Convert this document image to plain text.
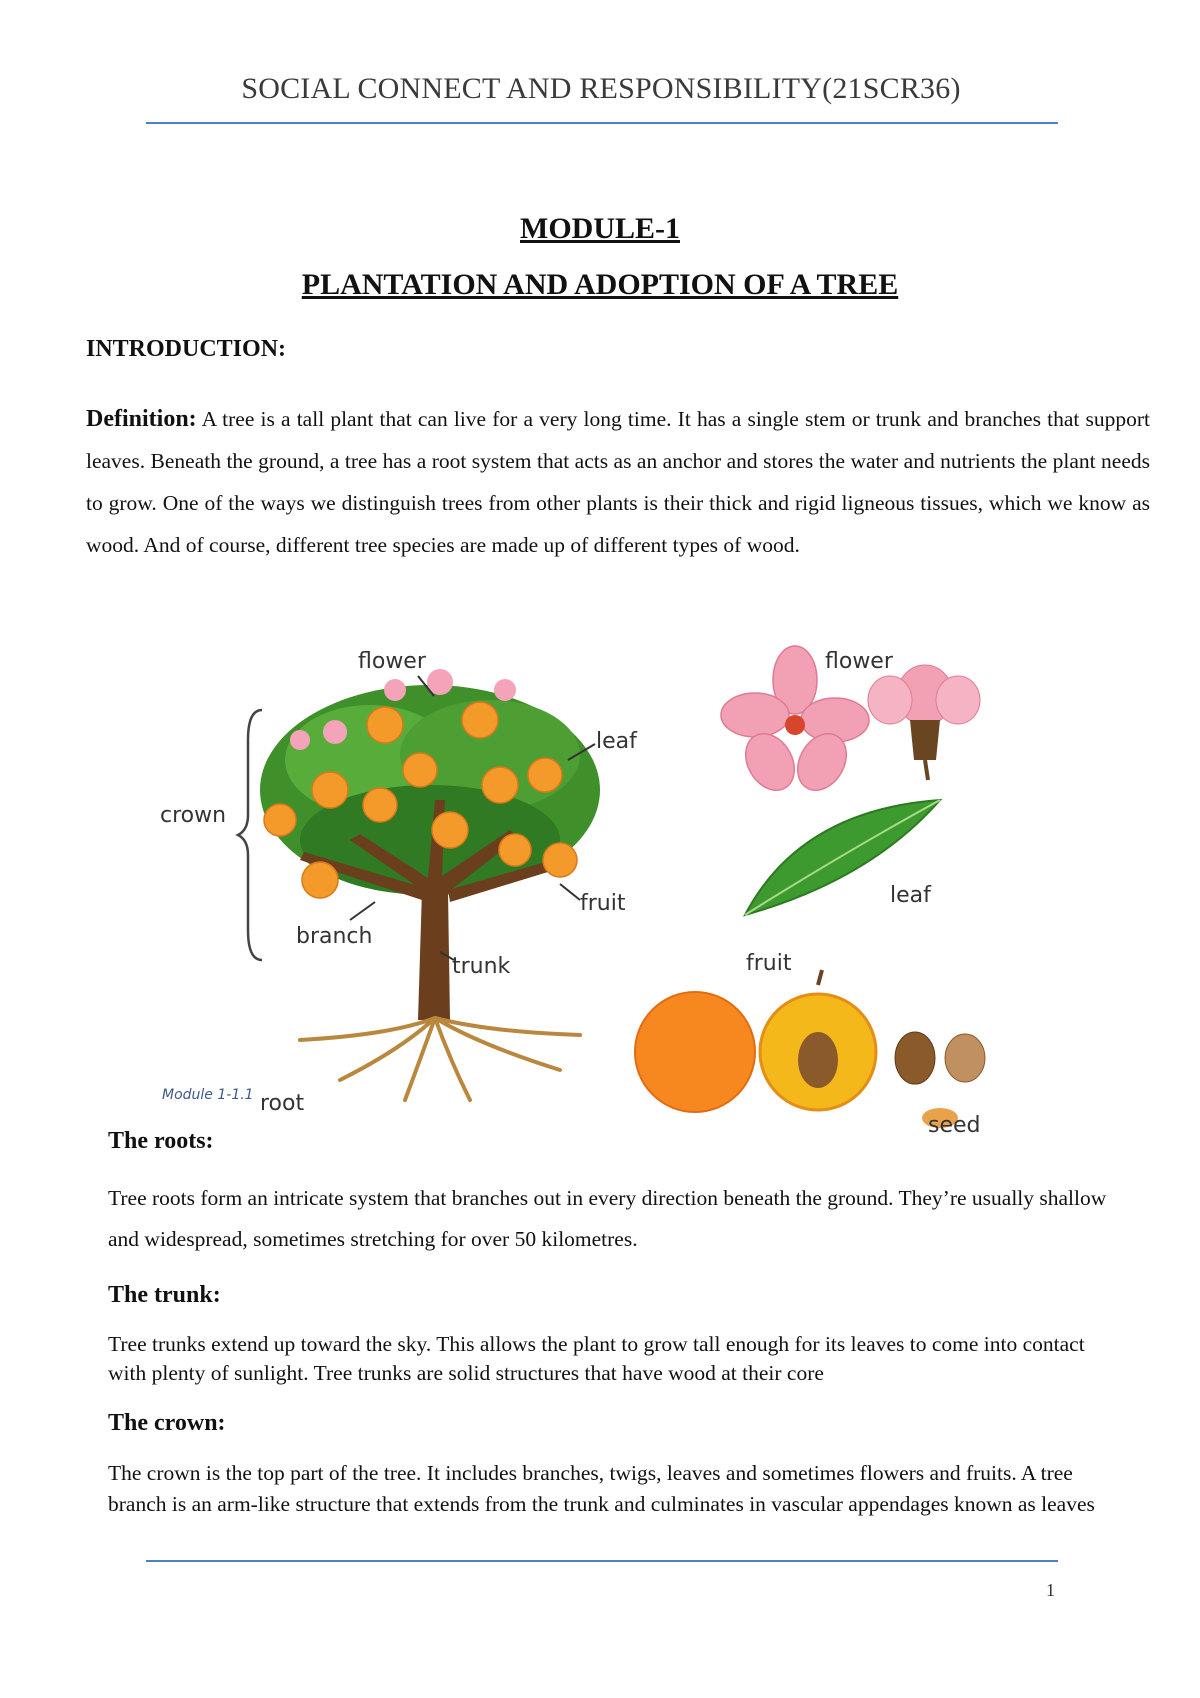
SOCIAL CONNECT AND RESPONSIBILITY(21SCR36)
MODULE-1
PLANTATION AND ADOPTION OF A TREE
INTRODUCTION:
Definition: A tree is a tall plant that can live for a very long time. It has a single stem or trunk and branches that support leaves. Beneath the ground, a tree has a root system that acts as an anchor and stores the water and nutrients the plant needs to grow. One of the ways we distinguish trees from other plants is their thick and rigid ligneous tissues, which we know as wood. And of course, different tree species are made up of different types of wood.
crown
flower
leaf
fruit
branch
trunk
root
flower
leaf
fruit
seed
Module 1-1.1
The roots:
Tree roots form an intricate system that branches out in every direction beneath the ground. They’re usually shallow and widespread, sometimes stretching for over 50 kilometres.
The trunk:
Tree trunks extend up toward the sky. This allows the plant to grow tall enough for its leaves to come into contact with plenty of sunlight. Tree trunks are solid structures that have wood at their core
The crown:
The crown is the top part of the tree. It includes branches, twigs, leaves and sometimes flowers and fruits. A tree branch is an arm-like structure that extends from the trunk and culminates in vascular appendages known as leaves
1
